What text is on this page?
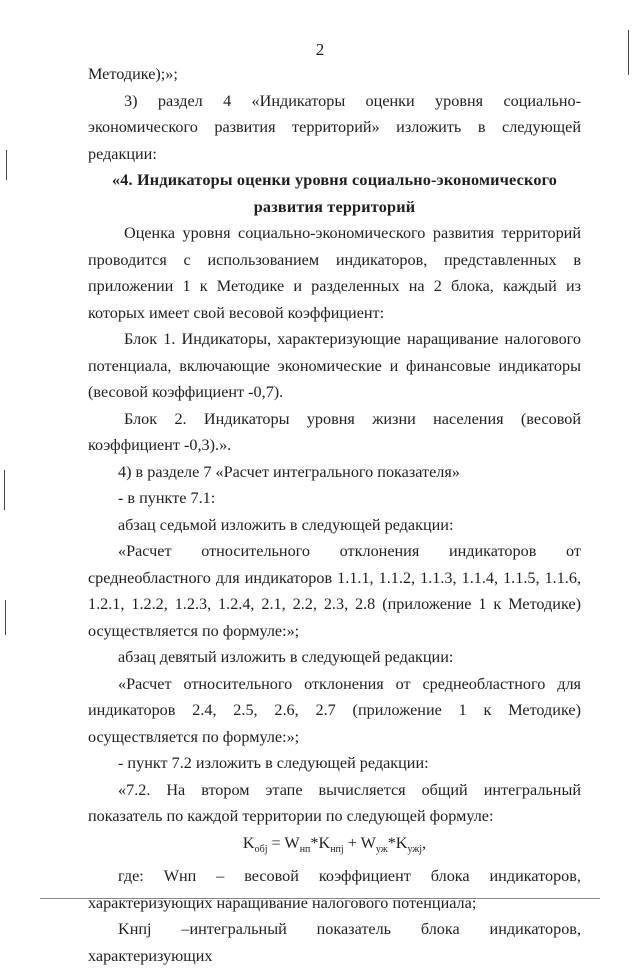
2

Методике);»;

3) раздел 4 «Индикаторы оценки уровня социально-экономического развития территорий» изложить в следующей редакции:

«4. Индикаторы оценки уровня социально-экономического

развития территорий

Оценка уровня социально-экономического развития территорий проводится с использованием индикаторов, представленных в приложении 1 к Методике и разделенных на 2 блока, каждый из которых имеет свой весовой коэффициент:

Блок 1. Индикаторы, характеризующие наращивание налогового потенциала, включающие экономические и финансовые индикаторы (весовой коэффициент -0,7).

Блок 2. Индикаторы уровня жизни населения (весовой коэффициент -0,3).».

4) в разделе 7 «Расчет интегрального показателя»

- в пункте 7.1:

абзац седьмой изложить в следующей редакции:

«Расчет относительного отклонения индикаторов от среднеобластного для индикаторов 1.1.1, 1.1.2, 1.1.3, 1.1.4, 1.1.5, 1.1.6, 1.2.1, 1.2.2, 1.2.3, 1.2.4, 2.1, 2.2, 2.3, 2.8 (приложение 1 к Методике) осуществляется по формуле:»;

абзац девятый изложить в следующей редакции:

«Расчет относительного отклонения от среднеобластного для индикаторов 2.4, 2.5, 2.6, 2.7 (приложение 1 к Методике) осуществляется по формуле:»;

- пункт 7.2 изложить в следующей редакции:

«7.2. На втором этапе вычисляется общий интегральный показатель по каждой территории по следующей формуле:

$K_{обj} = W_{нп}*K_{нпj} + W_{уж}*K_{ужj}$,

где: Wнп – весовой коэффициент блока индикаторов,

характеризующих наращивание налогового потенциала;

Kнпj –интегральный показатель блока индикаторов, характеризующих
